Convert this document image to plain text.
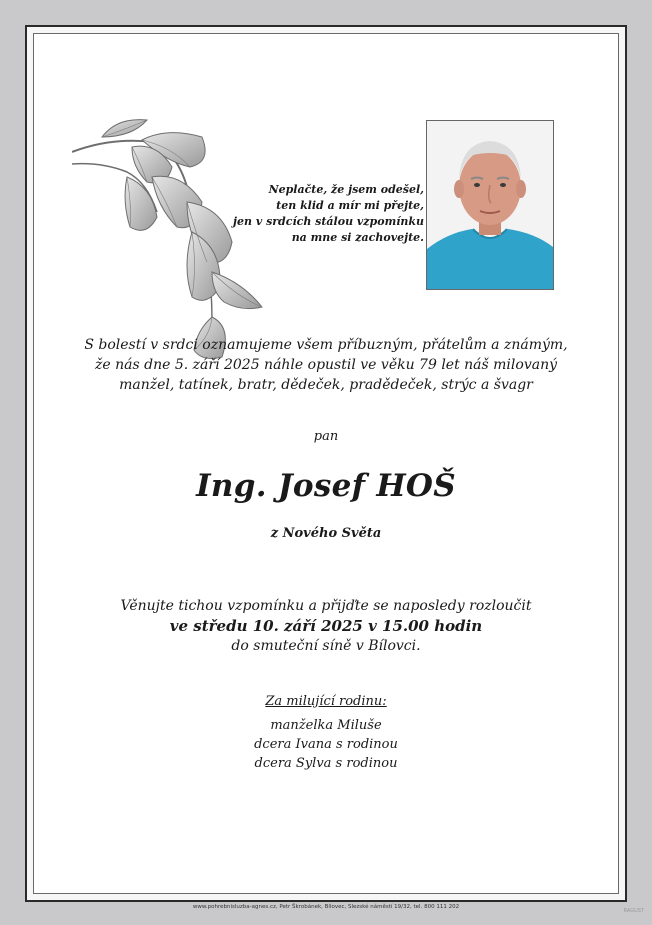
Neplačte, že jsem odešel,
ten klid a mír mi přejte,
jen v srdcích stálou vzpomínku
na mne si zachovejte.
S bolestí v srdci oznamujeme všem příbuzným, přátelům a známým,
že nás dne 5. září 2025 náhle opustil ve věku 79 let náš milovaný
manžel, tatínek, bratr, dědeček, pradědeček, strýc a švagr
pan
Ing. Josef HOŠ
z Nového Světa
Věnujte tichou vzpomínku a přijďte se naposledy rozloučit
ve středu 10. září 2025 v 15.00 hodin
do smuteční síně v Bílovci.
Za milující rodinu:
manželka Miluše
dcera Ivana s rodinou
dcera Sylva s rodinou
www.pohrebnisluzba-agnes.cz, Petr Škrobánek, Bílovec, Slezské náměstí 19/32, tel. 800 111 202
RAGUST
